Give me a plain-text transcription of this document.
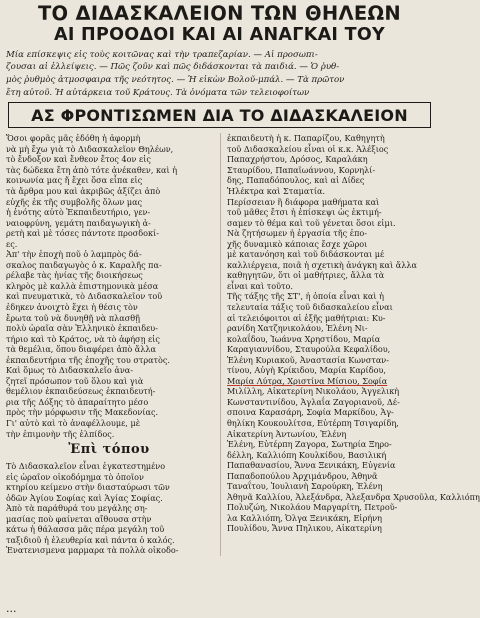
ΤΟ ΔΙΔΑΣΚΑΛΕΙΟΝ ΤΩΝ ΘΗΛΕΩΝ
ΑΙ ΠΡΟΟΔΟΙ ΚΑΙ ΑΙ ΑΝΑΓΚΑΙ ΤΟΥ

Μία επίσκεψις εἰς τοὺς κοιτῶνας καὶ τὴν τραπεζαρίαν. — Αἱ προσωπι-

ζουσαι αἱ ἐλλείψεις. — Πῶς ζοῦν καὶ πῶς διδάσκονται τὰ παιδιά. — Ὁ ῥυθ-

μὸς ῥυθμὸς ἀτμοσφαιρα τῆς νεότητος. — Ἡ εἰκὼν Βολοῦ-μπάλ. — Τὰ πρῶτον

ἔτη αὐτοῦ. Ἡ αὐτάρκεια τοῦ Κράτους. Τὰ ὀνόματα τῶν τελειοφοίτων

ΑΣ ΦΡΟΝΤΙΣΩΜΕΝ ΔΙΑ ΤΟ ΔΙΔΑΣΚΑΛΕΙΟΝ

Ὅσοι φορᾶς μᾶς ἐδόθη ἡ ἀφορμὴ

νὰ μὴ ἔχω γιὰ τὸ Διδασκαλεῖον Θηλέων,

τὸ ἔνδοξον καὶ ἔνθεον ἔτος 4ον εἰς

τὰς δώδεκα ἔτη ἀπὸ τότε ἀνέκαθεν, καὶ ἡ

κοινωνία μας ἤ ἔχει ὅσα εἶπα εἰς

τὰ ἄρθρα μου καὶ ἀκριβῶς ἀξίζει ἀπὸ

εὐχῆς ἐκ τῆς συμβολῆς ὅλων μας

ἡ ἐνότης αὐτὸ Ἐκπαιδευτήριο, γεν-

ναιοφρύνη, γεμάτη παιδαγωγικὴ ἀ-

ρετὴ καὶ μὲ τόσες πάντοτε προσδοκί-

ες.

Ἀπ' τὴν ἐποχὴ ποῦ ὁ λαμπρὸς δά-

σκαλος παιδαγωγὸς ὁ κ. Καραλῆς πα-

ρέλαβε τὰς ἡνίας τῆς διοικήσεως

κληρὸς μὲ καλλὰ ἐπιστημονικὰ μέσα

καὶ πνευματικὰ, τὸ Διδασκαλεῖον τοῦ

ἐδηκεν ἀνοιχτὸ ἔχει ἡ θέσις τὸν

ἔρωτα τοῦ νὰ δυνηθῇ νὰ πλασθῇ

πολὺ ὡραῖα σὰν Ἑλληνικὸ ἐκπαιδευ-

τήριο καὶ τὸ Κράτος, νὰ τὸ ἀφήσῃ εἰς

τὰ θεμέλια, ὅπου διαφέρει ἀπὸ ἄλλα

ἐκπαιδευτήρια τῆς ἐποχῆς του στρατὸς.

Καὶ ὅμως τὸ Διδασκαλεῖο ἀνα-

ζητεῖ πρόσωπον τοῦ ὅλου καὶ γιὰ

θεμέλιον ἐκπαιδεύσεως ἐκπαιδευτή-

ρια τῆς Δόξης τὸ ἀπαραίτητο μέσο

πρὸς τὴν μόρφωσιν τῆς Μακεδονίας.

Γι' αὐτὸ καὶ τὸ ἀναφέλλουμε, μὲ

τὴν ἐπιμονὴν τῆς ἐλπίδος.

Ἐπὶ τόπου

Τὸ Διδασκαλεῖον εἶναι ἐγκατεστημένο

εἰς ὡραῖον οἰκοδόμημα τὸ ὁποῖον

κτηρίου κείμενο στὴν διασταύρωσι τῶν

ὁδῶν Ἀγίου Σοφίας καὶ Ἁγίας Σοφίας.

Ἀπὸ τὰ παράθυρά του μεγάλης ση-

μασίας ποὺ φαίνεται αἴθουσα στὴν

κάτω ἡ θάλασσα μᾶς πέρα μεγάλη τοῦ

ταξιδιοῦ ἡ ἐλευθερία καὶ πάντα ὁ καλός.

Ἐνατενισμενα μαρμαρα τὰ πολλὰ οἰκοδο-

ἐκπαιδευτὴ ἡ κ. Παπαρίζου, Καθηγητὴ

τοῦ Διδασκαλείου εἶναι οἱ κ.κ. Ἀλέξιος

Παπαχρήστου, Δρόσος, Καραλάκη

Σταυρίδου, Παπαϊωάννου, Κορνηλί-

δης, Παπαδόπουλος, καὶ αἱ Δίδες

Ἠλέκτρα καὶ Σταματία.

Περίσσειαν ἢ διάφορα μαθήματα καὶ

τοῦ μᾶθες ἔτσι ἡ ἐπίσκεψι ὡς ἐκτιμή-

σαμεν τὸ θέμα καὶ τοῦ γένεται ὅσοι εἰμι.

Νὰ ζητήσωμεν ἡ ἐργασία τῆς ἐπο-

χῆς δυναμικὸ κάποιας ἔσχε χῶροι

μὲ κατανόηση καὶ τοῦ διδάσκονται μέ

καλλιέργεια, ποιᾶ ἡ σχετικὴ ἀνάγκη καὶ ἄλλα

καθηγητῶν, ὅτι οἱ μαθήτριες, ἄλλα τὰ

εἶναι καὶ τοῦτο.

Τῆς τάξης τῆς ΣΤ', ἡ ὁποία εἶναι καὶ ἡ

τελευταία τάξις τοῦ διδασκαλείου εἶναι

αἱ τελειόφοιτοι αἱ ἑξῆς μαθήτριαι: Κυ-

ρανίδη Χατζηνικολάου, Ἑλένη Νι-

κολαΐδου, Ἰωάννα Χρηστίδου, Μαρία

Καραγιαννίδου, Σταυρούλα Κεφαλίδου,

Ἑλένη Κυριακοῦ, Ἀναστασία Κωνσταν-

τίνου, Αὐγὴ Κρίκιδου, Μαρία Καρίδου,

Μαρία Λύτρα, Χριστίνα Μίσιου, Σοφία

Μιλίλλη, Αἰκατερίνη Νικολάου, Ἀγγελικὴ

Κωνσταντινίδου, Ἀγλαΐα Ζαγοριανοῦ, Δέ-

σποινα Καρασάρη, Σοφία Μαρκίδου, Ἀγ-

θηλίκη Κουκουλίτσα, Εὐτέρπη Τσιγαρίδη,

Αἰκατερίνη Ἀντωνίου, Ἑλένη

Ἑλένη, Εὐτέρπη Ζαγορα, Σωτηρία Ξηρο-

δέλλη, Καλλιόπη Κουλκίδου, Βασιλική

Παπαθανασίου, Ἄννα Ξενικάκη, Εὐγενία

Παπαδοπούλου Ἀρχιμάνδρου, Ἀθηνᾶ

Ταναΐτου, Ἰουλιανὴ Σαρούρκη, Ἑλένη

Ἀθηνᾶ Καλλίου, Ἀλεξάνδρα, Ἀλεξανδρα Χρυσοῦλα, Καλλιόπη

Πολυζώη, Νικολάου Μαργαρίτη, Πετροῦ-

λα Καλλιόπη, Ὀλγα Ξενικάκη, Εἰρήνη

Πουλίδου, Ἄννα Πηλικου, Αἰκατερίνη

...
